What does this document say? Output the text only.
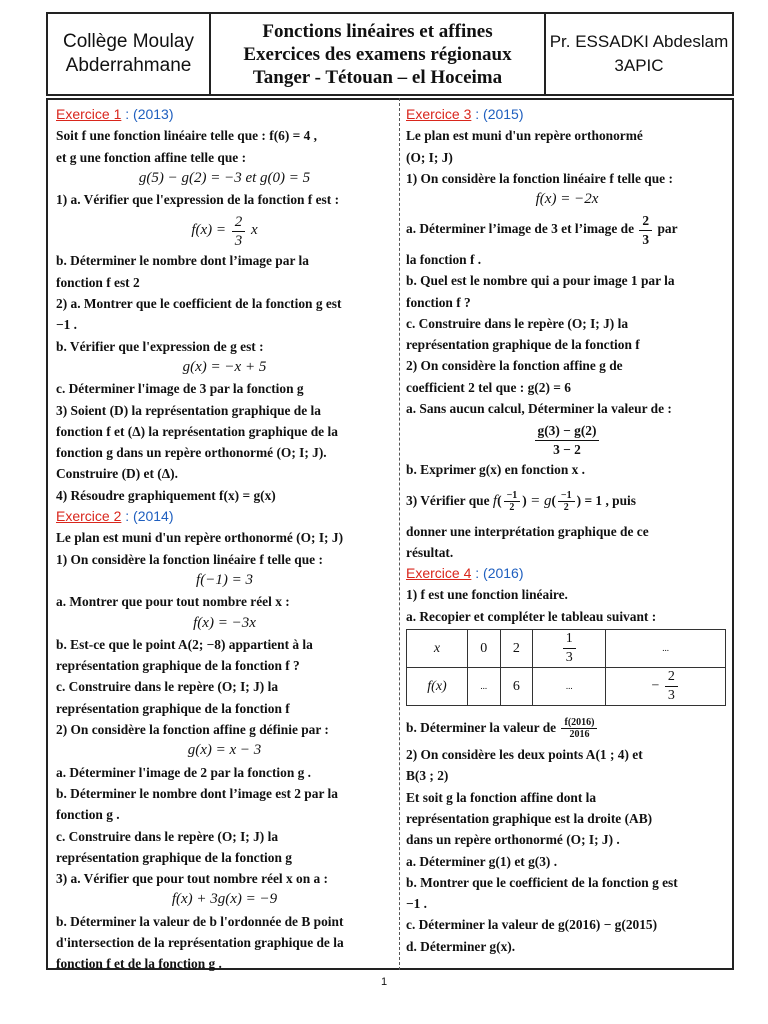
Collège Moulay
Abderrahmane
Fonctions linéaires et affines
Exercices des examens régionaux
Tanger - Tétouan – el Hoceima
Pr. ESSADKI Abdeslam
3APIC
Exercice 1 : (2013)
Soit f une fonction linéaire telle que : f(6) = 4 ,
et g une fonction affine telle que :
g(5) − g(2) = −3 et g(0) = 5
1) a. Vérifier que l'expression de la fonction f est :
$f(x) = \frac{2}{3}$ x
b. Déterminer le nombre dont l’image par la
fonction f est 2
2) a. Montrer que le coefficient de la fonction g est
−1 .
b. Vérifier que l'expression de g est :
g(x) = −x + 5
c. Déterminer l'image de 3 par la fonction g
3) Soient (D) la représentation graphique de la
fonction f et (Δ) la représentation graphique de la
fonction g dans un repère orthonormé (O; I; J).
Construire (D) et (Δ).
4) Résoudre graphiquement f(x) = g(x)
Exercice 2 : (2014)
Le plan est muni d'un repère orthonormé (O; I; J)
1) On considère la fonction linéaire f telle que :
f(−1) = 3
a. Montrer que pour tout nombre réel x :
f(x) = −3x
b. Est-ce que le point A(2; −8) appartient à la
représentation graphique de la fonction f ?
c. Construire dans le repère (O; I; J) la
représentation graphique de la fonction f
2) On considère la fonction affine g définie par :
g(x) = x − 3
a. Déterminer l'image de 2 par la fonction g .
b. Déterminer le nombre dont l’image est 2 par la
fonction g .
c. Construire dans le repère (O; I; J) la
représentation graphique de la fonction g
3) a. Vérifier que pour tout nombre réel x on a :
f(x) + 3g(x) = −9
b. Déterminer la valeur de b l'ordonnée de B point
d'intersection de la représentation graphique de la
fonction f et de la fonction g .
Exercice 3 : (2015)
Le plan est muni d'un repère orthonormé
(O; I; J)
1) On considère la fonction linéaire f telle que :
f(x) = −2x
a. Déterminer l’image de 3 et l’image de $\frac{2}{3}$ par
la fonction f .
b. Quel est le nombre qui a pour image 1 par la
fonction f ?
c. Construire dans le repère (O; I; J) la
représentation graphique de la fonction f
2) On considère la fonction affine g de
coefficient 2 tel que : g(2) = 6
a. Sans aucun calcul, Déterminer la valeur de :
$\frac{g(3) - g(2)}{3 - 2}$
b. Exprimer g(x) en fonction x .
3) Vérifier que $f( \frac{-1}{2}$ ) = $g( \frac{-1}{2}$ ) = 1 , puis
donner une interprétation graphique de ce
résultat.
Exercice 4 : (2016)
1) f est une fonction linéaire.
a. Recopier et compléter le tableau suivant :
x	0	2	$\frac{1}{3}$	...
f(x)	...	6	...	− $\frac{2}{3}$
b. Déterminer la valeur de $\frac{f(2016)}{2016}$
2) On considère les deux points A(1 ; 4) et
B(3 ; 2)
Et soit g la fonction affine dont la
représentation graphique est la droite (AB)
dans un repère orthonormé (O; I; J) .
a. Déterminer g(1) et g(3) .
b. Montrer que le coefficient de la fonction g est
−1 .
c. Déterminer la valeur de g(2016) − g(2015)
d. Déterminer g(x).
1
